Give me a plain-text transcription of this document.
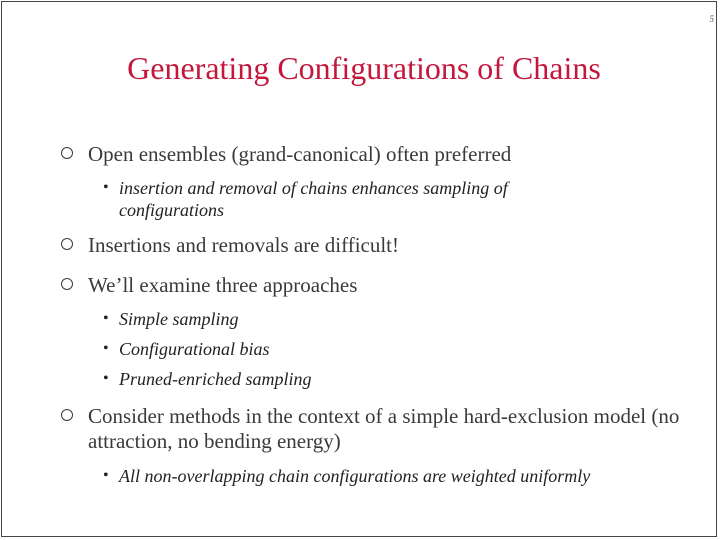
5
Generating Configurations of Chains
Open ensembles (grand-canonical) often preferred
• insertion and removal of chains enhances sampling of configurations
Insertions and removals are difficult!
We’ll examine three approaches
• Simple sampling
• Configurational bias
• Pruned-enriched sampling
Consider methods in the context of a simple hard-exclusion model (no attraction, no bending energy)
• All non-overlapping chain configurations are weighted uniformly
